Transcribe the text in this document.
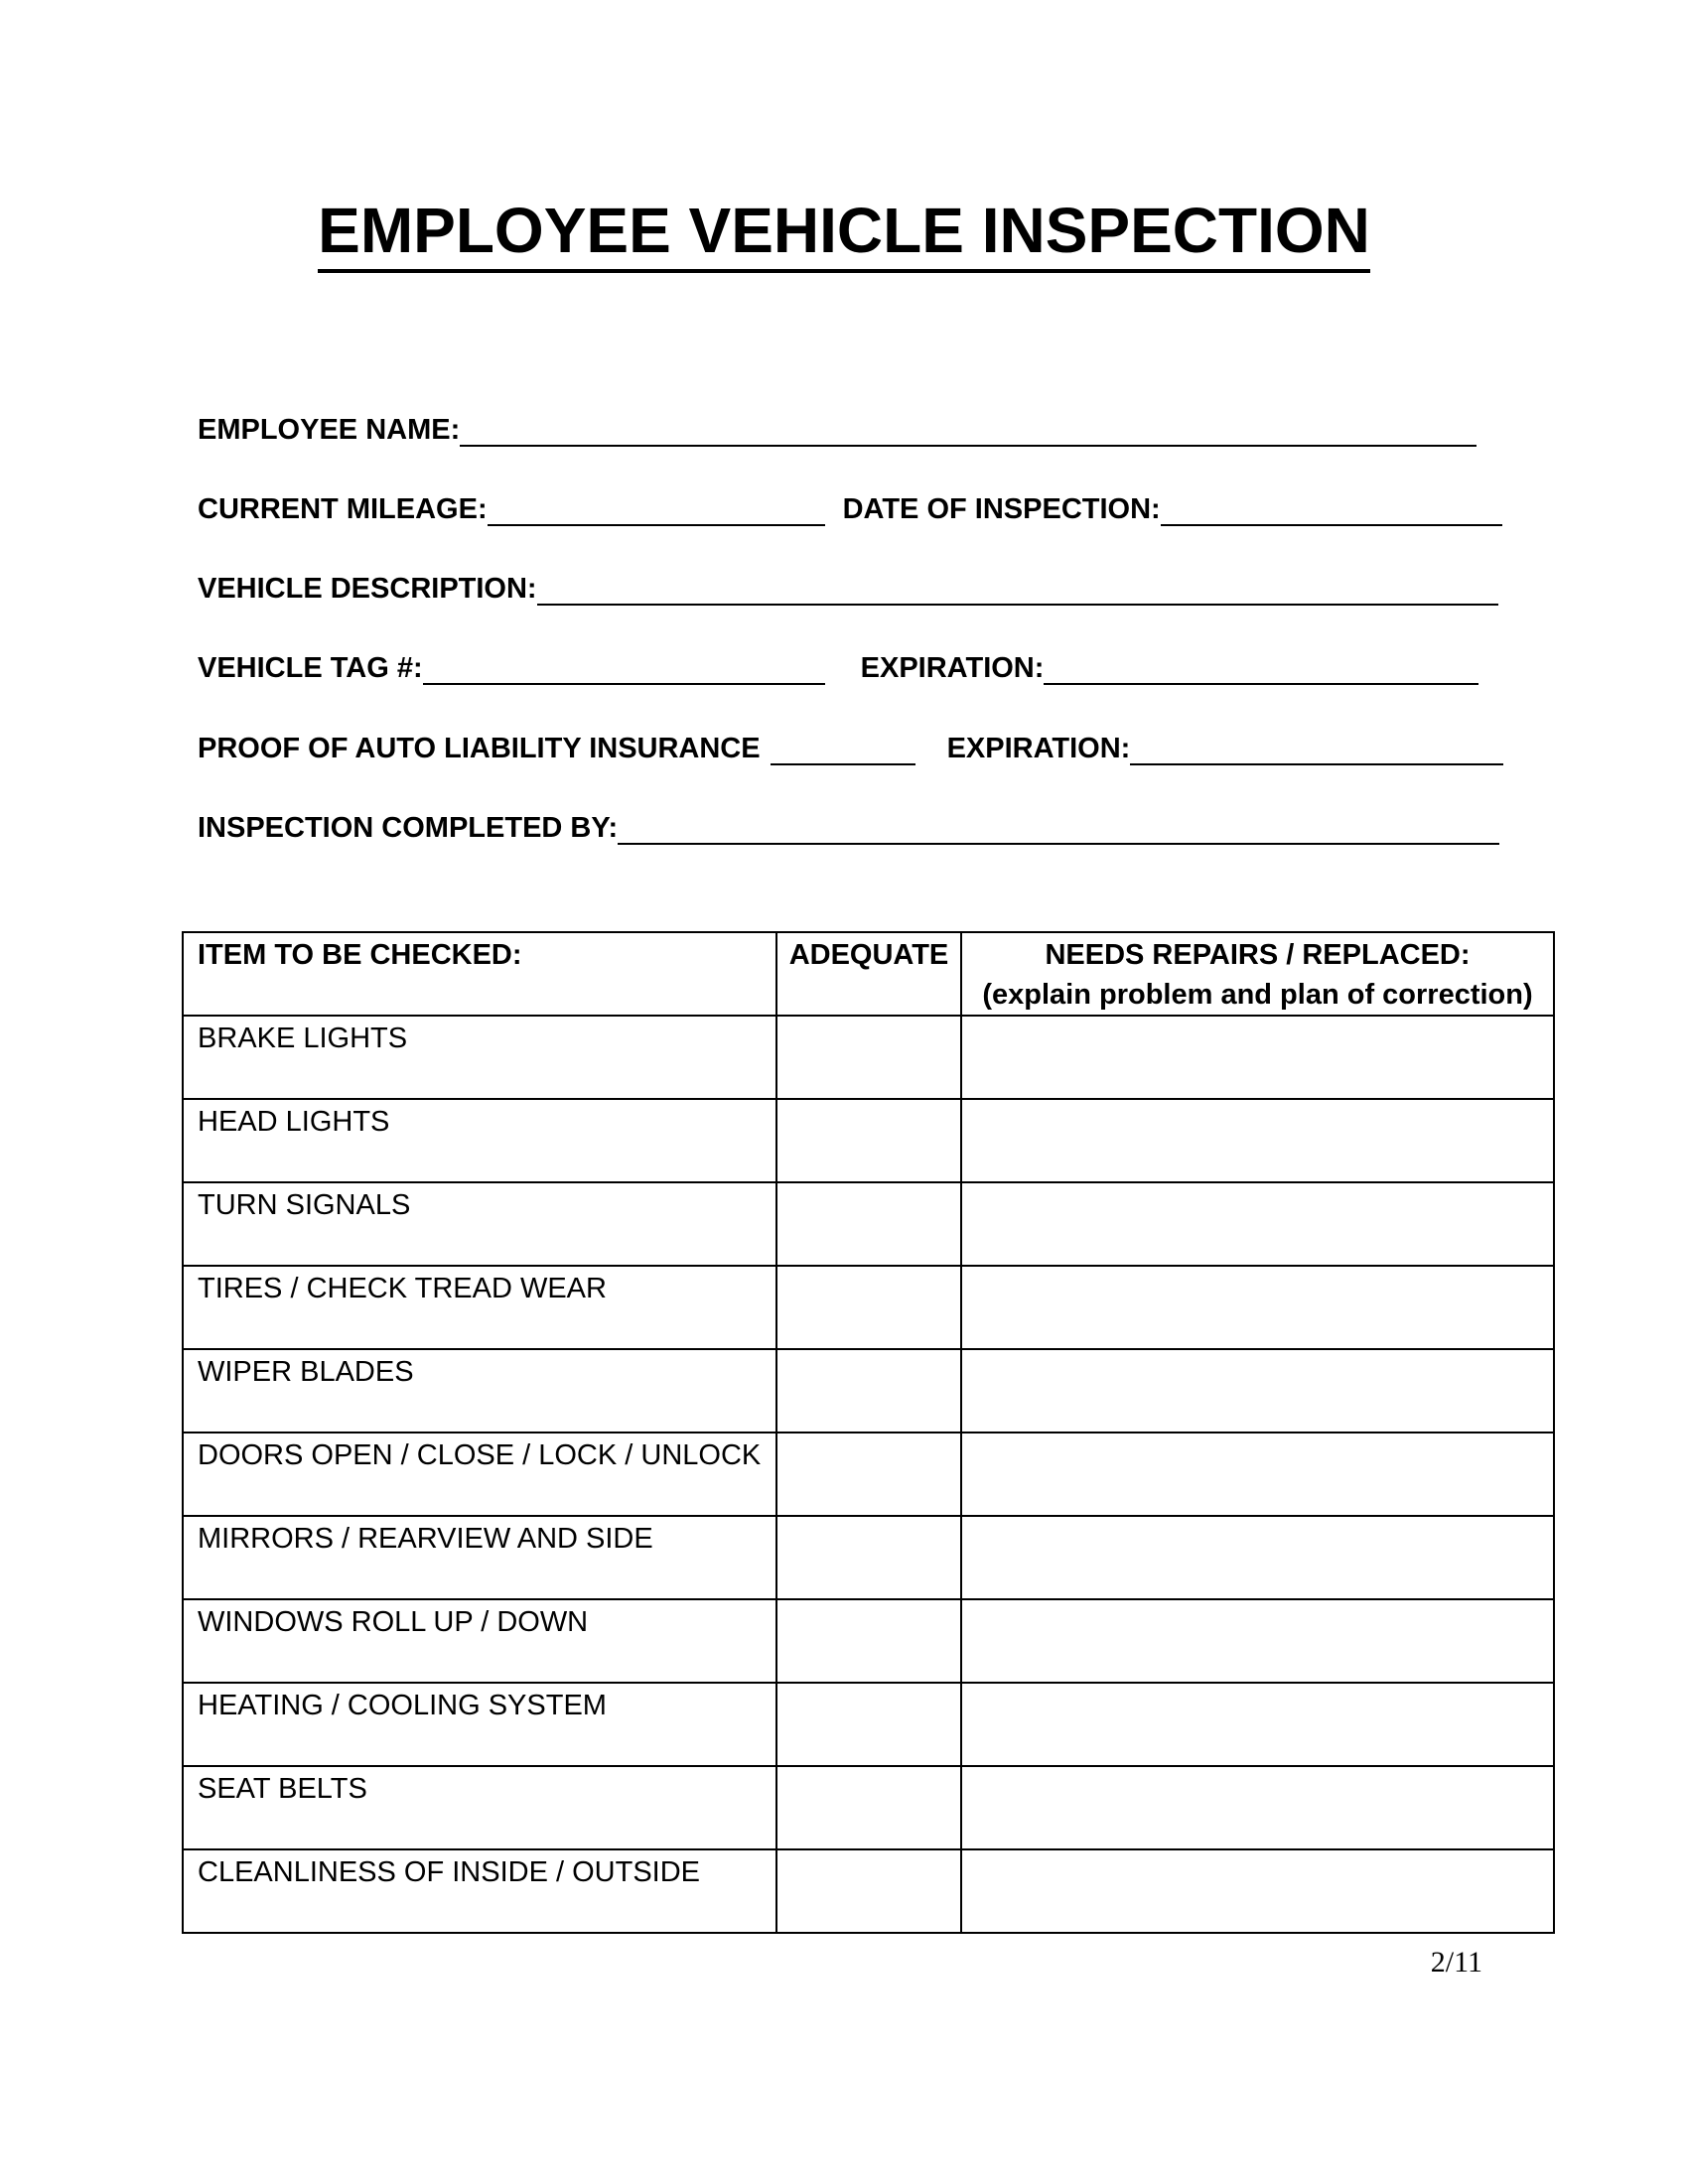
EMPLOYEE VEHICLE INSPECTION
EMPLOYEE NAME:
CURRENT MILEAGE:	DATE OF INSPECTION:
VEHICLE DESCRIPTION:
VEHICLE TAG #:	EXPIRATION:
PROOF OF AUTO LIABILITY INSURANCE	EXPIRATION:
INSPECTION COMPLETED BY:
ITEM TO BE CHECKED:	ADEQUATE	NEEDS REPAIRS / REPLACED:
(explain problem and plan of correction)

BRAKE LIGHTS		
HEAD LIGHTS		
TURN SIGNALS		
TIRES / CHECK TREAD WEAR		
WIPER BLADES		
DOORS OPEN / CLOSE / LOCK / UNLOCK		
MIRRORS / REARVIEW AND SIDE		
WINDOWS ROLL UP / DOWN		
HEATING / COOLING SYSTEM		
SEAT BELTS		
CLEANLINESS OF INSIDE / OUTSIDE		
2/11
